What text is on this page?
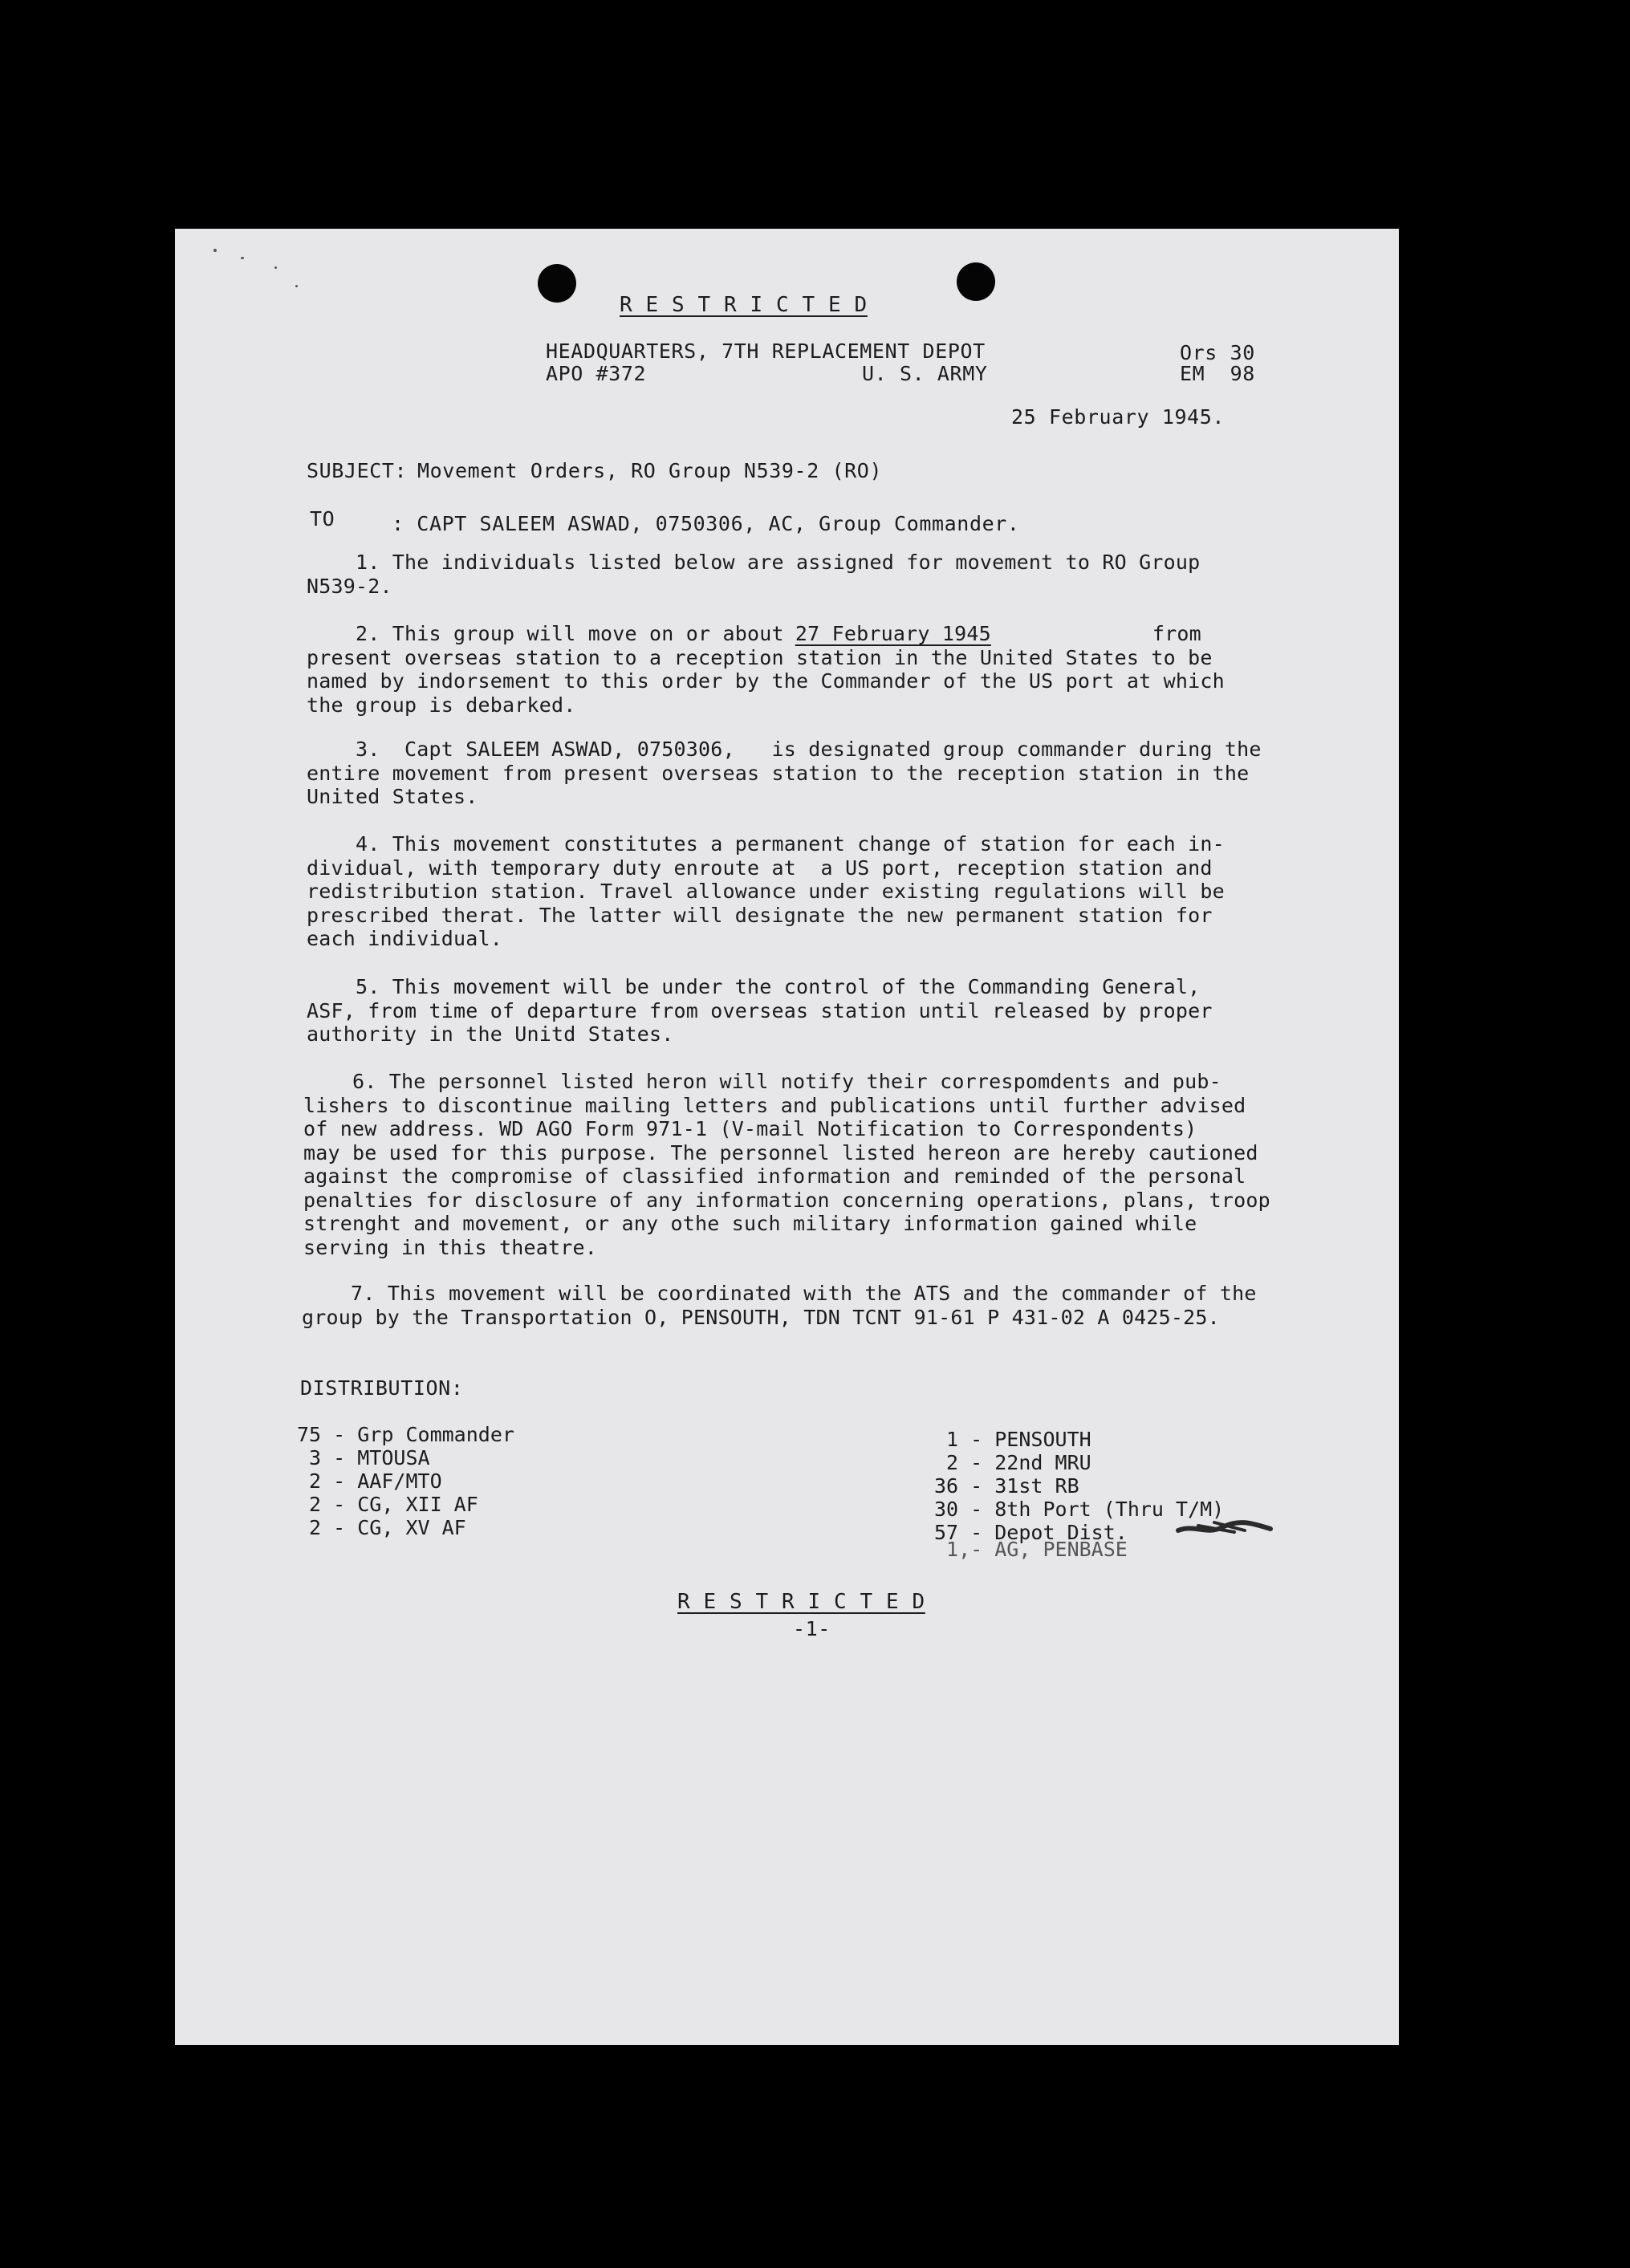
R E S T R I C T E D
HEADQUARTERS, 7TH REPLACEMENT DEPOT
APO #372	U. S. ARMY
Ors 30
EM  98
25 February 1945.
SUBJECT: Movement Orders, RO Group N539-2 (RO)
TO	: CAPT SALEEM ASWAD, 0750306, AC, Group Commander.
1. The individuals listed below are assigned for movement to RO Group
N539-2.
2. This group will move on or about 27 February 1945	from
present overseas station to a reception station in the United States to be
named by indorsement to this order by the Commander of the US port at which
the group is debarked.
3.  Capt SALEEM ASWAD, 0750306,   is designated group commander during the
entire movement from present overseas station to the reception station in the
United States.
4. This movement constitutes a permanent change of station for each in-
dividual, with temporary duty enroute at  a US port, reception station and
redistribution station. Travel allowance under existing regulations will be
prescribed therat. The latter will designate the new permanent station for
each individual.
5. This movement will be under the control of the Commanding General,
ASF, from time of departure from overseas station until released by proper
authority in the Unitd States.
6. The personnel listed heron will notify their correspomdents and pub-
lishers to discontinue mailing letters and publications until further advised
of new address. WD AGO Form 971-1 (V-mail Notification to Correspondents)
may be used for this purpose. The personnel listed hereon are hereby cautioned
against the compromise of classified information and reminded of the personal
penalties for disclosure of any information concerning operations, plans, troop
strenght and movement, or any othe such military information gained while
serving in this theatre.
7. This movement will be coordinated with the ATS and the commander of the
group by the Transportation O, PENSOUTH, TDN TCNT 91-61 P 431-02 A 0425-25.
DISTRIBUTION:
75 - Grp Commander
3 - MTOUSA
2 - AAF/MTO
2 - CG, XII AF
2 - CG, XV AF
1 - PENSOUTH
2 - 22nd MRU
36 - 31st RB
30 - 8th Port (Thru T/M)
57 - Depot Dist.
1,- AG, PENBASE
R E S T R I C T E D
-1-
